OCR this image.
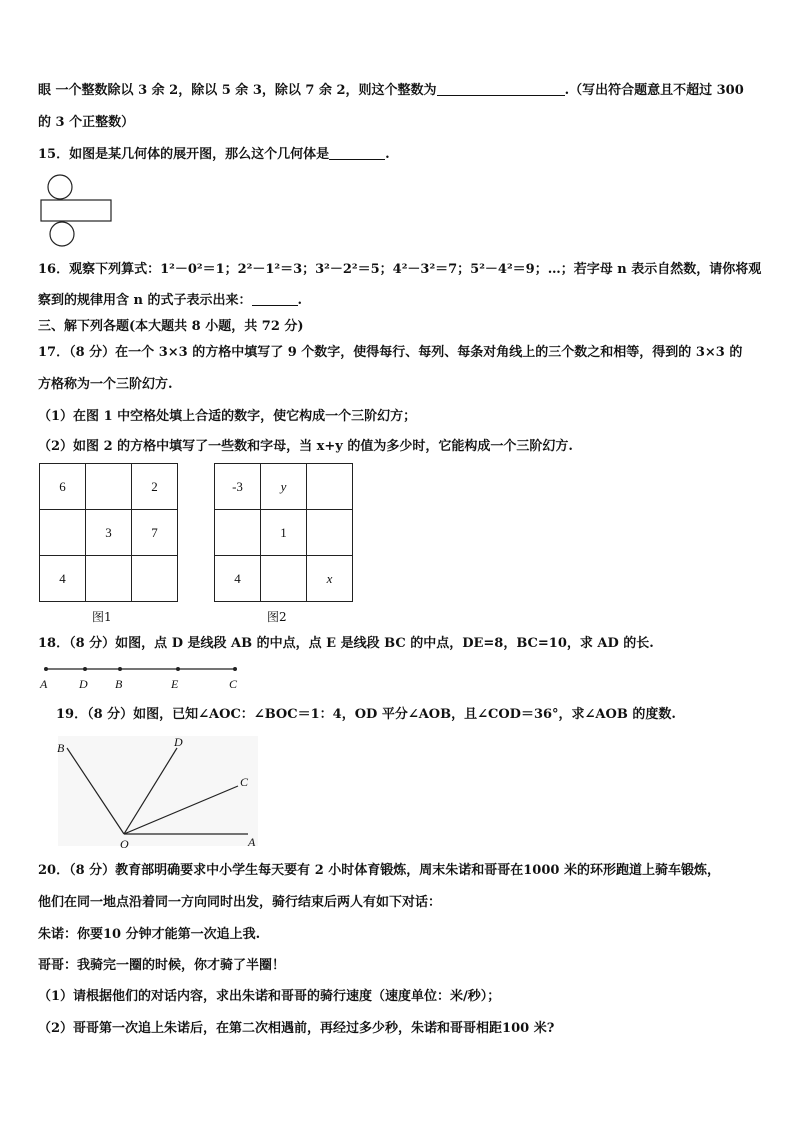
眼 一个整数除以 3 余 2，除以 5 余 3，除以 7 余 2，则这个整数为	.（写出符合题意且不超过 300
的 3 个正整数）
15．如图是某几何体的展开图，那么这个几何体是	.
16．观察下列算式：1²－0²＝1；2²－1²＝3；3²－2²＝5；4²－3²＝7；5²－4²＝9；…；若字母 n 表示自然数，请你将观
察到的规律用含 n 的式子表示出来：	.
三、解下列各题(本大题共 8 小题，共 72 分)
17．（8 分）在一个 3×3 的方格中填写了 9 个数字，使得每行、每列、每条对角线上的三个数之和相等，得到的 3×3 的
方格称为一个三阶幻方.
（1）在图 1 中空格处填上合适的数字，使它构成一个三阶幻方；
（2）如图 2 的方格中填写了一些数和字母，当 x+y 的值为多少时，它能构成一个三阶幻方.
6		2
	3	7
4		
图1
-3	y	
	1	
4		x
图2
18．（8 分）如图，点 D 是线段 AB 的中点，点 E 是线段 BC 的中点，DE=8，BC=10，求 AD 的长.
A	D B	E	C
19．（8 分）如图，已知∠AOC：∠BOC＝1：4，OD 平分∠AOB，且∠COD＝36°，求∠AOB 的度数.
B	D
C
O	A
20．（8 分）教育部明确要求中小学生每天要有 2 小时体育锻炼，周末朱诺和哥哥在1000 米的环形跑道上骑车锻炼，
他们在同一地点沿着同一方向同时出发，骑行结束后两人有如下对话：
朱诺：你要10 分钟才能第一次追上我.
哥哥：我骑完一圈的时候，你才骑了半圈！
（1）请根据他们的对话内容，求出朱诺和哥哥的骑行速度（速度单位：米/秒）；
（2）哥哥第一次追上朱诺后，在第二次相遇前，再经过多少秒，朱诺和哥哥相距100 米?
